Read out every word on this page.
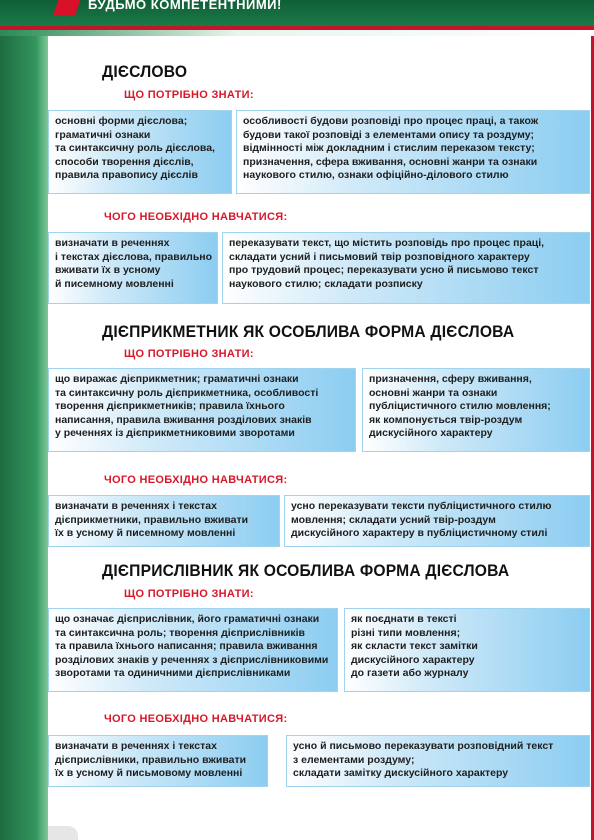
БУДЬМО КОМПЕТЕНТНИМИ!
ДІЄСЛОВО
ЩО ПОТРІБНО ЗНАТИ:
основні форми дієслова;
граматичні ознаки
та синтаксичну роль дієслова,
способи творення дієслів,
правила правопису дієслів
особливості будови розповіді про процес праці, а також
будови такої розповіді з елементами опису та роздуму;
відмінності між докладним і стислим переказом тексту;
призначення, сфера вживання, основні жанри та ознаки
наукового стилю, ознаки офіційно-ділового стилю
ЧОГО НЕОБХІДНО НАВЧАТИСЯ:
визначати в реченнях
і текстах дієслова, правильно
вживати їх в усному
й писемному мовленні
переказувати текст, що містить розповідь про процес праці,
складати усний і письмовий твір розповідного характеру
про трудовий процес; переказувати усно й письмово текст
наукового стилю; складати розписку
ДІЄПРИКМЕТНИК ЯК ОСОБЛИВА ФОРМА ДІЄСЛОВА
ЩО ПОТРІБНО ЗНАТИ:
що виражає дієприкметник; граматичні ознаки
та синтаксичну роль дієприкметника, особливості
творення дієприкметників; правила їхнього
написання, правила вживання розділових знаків
у реченнях із дієприкметниковими зворотами
призначення, сферу вживання,
основні жанри та ознаки
публіцистичного стилю мовлення;
як компонується твір-роздум
дискусійного характеру
ЧОГО НЕОБХІДНО НАВЧАТИСЯ:
визначати в реченнях і текстах
дієприкметники, правильно вживати
їх в усному й писемному мовленні
усно переказувати тексти публіцистичного стилю
мовлення; складати усний твір-роздум
дискусійного характеру в публіцистичному стилі
ДІЄПРИСЛІВНИК ЯК ОСОБЛИВА ФОРМА ДІЄСЛОВА
ЩО ПОТРІБНО ЗНАТИ:
що означає дієприслівник, його граматичні ознаки
та синтаксична роль; творення дієприслівників
та правила їхнього написання; правила вживання
розділових знаків у реченнях з дієприслівниковими
зворотами та одиничними дієприслівниками
як поєднати в тексті
різні типи мовлення;
як скласти текст замітки
дискусійного характеру
до газети або журналу
ЧОГО НЕОБХІДНО НАВЧАТИСЯ:
визначати в реченнях і текстах
дієприслівники, правильно вживати
їх в усному й письмовому мовленні
усно й письмово переказувати розповідний текст
з елементами роздуму;
складати замітку дискусійного характеру
